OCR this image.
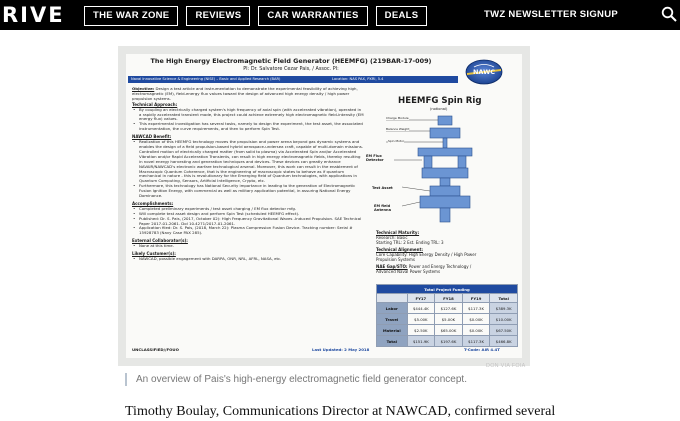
RIVE	THE WAR ZONE	REVIEWS	CAR WARRANTIES	DEALS	TWZ NEWSLETTER SIGNUP
The High Energy Electromagnetic Field Generator (HEEMFG) (219BAR-17-009)
PI: Dr. Salvatore Cezar Pais, / Assoc. PI:	NAWC
Naval Innovative Science & Engineering (NISE) – Basic and Applied Research (BAR)	Location: NAS PAX, PXRI, 5.4

Objective: Design a test article and instrumentation to demonstrate the experimental feasibility of achieving high, electromagnetic (EM), field-energy flux values toward the design of advanced high energy density / high power propulsion systems.

Technical Approach:

• By coupling an electrically charged system's high frequency of axial spin (with accelerated vibration), operated in a rapidly accelerated transient mode, this project could achieve extremely high electromagnetic field-intensity (EM energy flux) values.

• This experimental investigation has several tasks, namely to design the experiment, the test asset, the associated instrumentation, the curve requirements, and then to perform Spin Test.

NAWCAD Benefit:

• Realization of this HEEMFG technology moves the propulsion and power arena beyond gas dynamic systems and enables the design of a field propulsion-based hybrid aerospace-undersea craft, capable of multi-domain missions. Controlled motion of electrically charged matter (from solid to plasma) via Accelerated Spin and/or Accelerated Vibration and/or Rapid Acceleration Transients, can result in high energy electromagnetic fields, thereby resulting in novel energy harvesting and generation techniques and devices. These devices can greatly enhance NAVAIR/NAWCAD's electronic warfare technological arsenal. Moreover, this work can result in the enablement of Macroscopic Quantum Coherence, that is the engineering of macroscopic states to behave as if quantum mechanical in nature - this is revolutionary for the Emerging field of Quantum technologies, with applications in Quantum Computing, Sensors, Artificial Intelligence, Crypto, etc.

• Furthermore, this technology has National Security importance in leading to the generation of Electromagnetic Fusion Ignition Energy, with commercial as well as military application potential, in assuring National Energy Dominance.

Accomplishments:

• Completed preliminary experiments / test asset charging / EM flux detector mfg.

• Will complete test asset design and perform Spin Test (scheduled HEEMFG effect).

• Published: Dr. S. Pais, (2017, October 02): High Frequency Gravitational Waves -Induced Propulsion. SAE Technical Paper 2017-01-2061. Dol 10.4271/2017-01-2061.

• Application filed: Dr. S. Pais, (2018, March 22): Plasma Compression Fusion Device. Tracking number: Serial # 15928783 (Navy Case PAX 285).

External Collaborator(s):

• None at this time.

Likely Customer(s):

• NAWCAD, possible engagement with DARPA, ONR, NRL, AFRL, NASA, etc.

HEEMFG Spin Rig
(notional)
Charge Module
Balance Weight
Spin Motor
EM Flux Detector
Test Asset
EM field Antenna

Technical Maturity:

Research: Basic

Starting TRL: 2 Est. Ending TRL: 3

Technical Alignment:

Core Capability: High Energy Density / High Power

Propulsion Systems

NAE Gap/STO: Power and Energy Technology /

Advanced Naval Power Systems

Total Project Funding				
	FY17	FY18	FY19	Total
Labor	$444.4K	$127.6K	$117.3K	$389.3K
Travel	$5.00K	$5.00K	$0.00K	$10.00K
Material	$2.50K	$65.00K	$0.00K	$67.50K
Total	$151.9K	$197.6K	$117.3K	$466.8K
UNCLASSIFIED//FOUO	Last Updated: 2 May 2018	T-Code: AIR 4.4T
DON VIA FOIA
An overview of Pais's high-energy electromagnetic field generator concept.
Timothy Boulay, Communications Director at NAWCAD, confirmed several
